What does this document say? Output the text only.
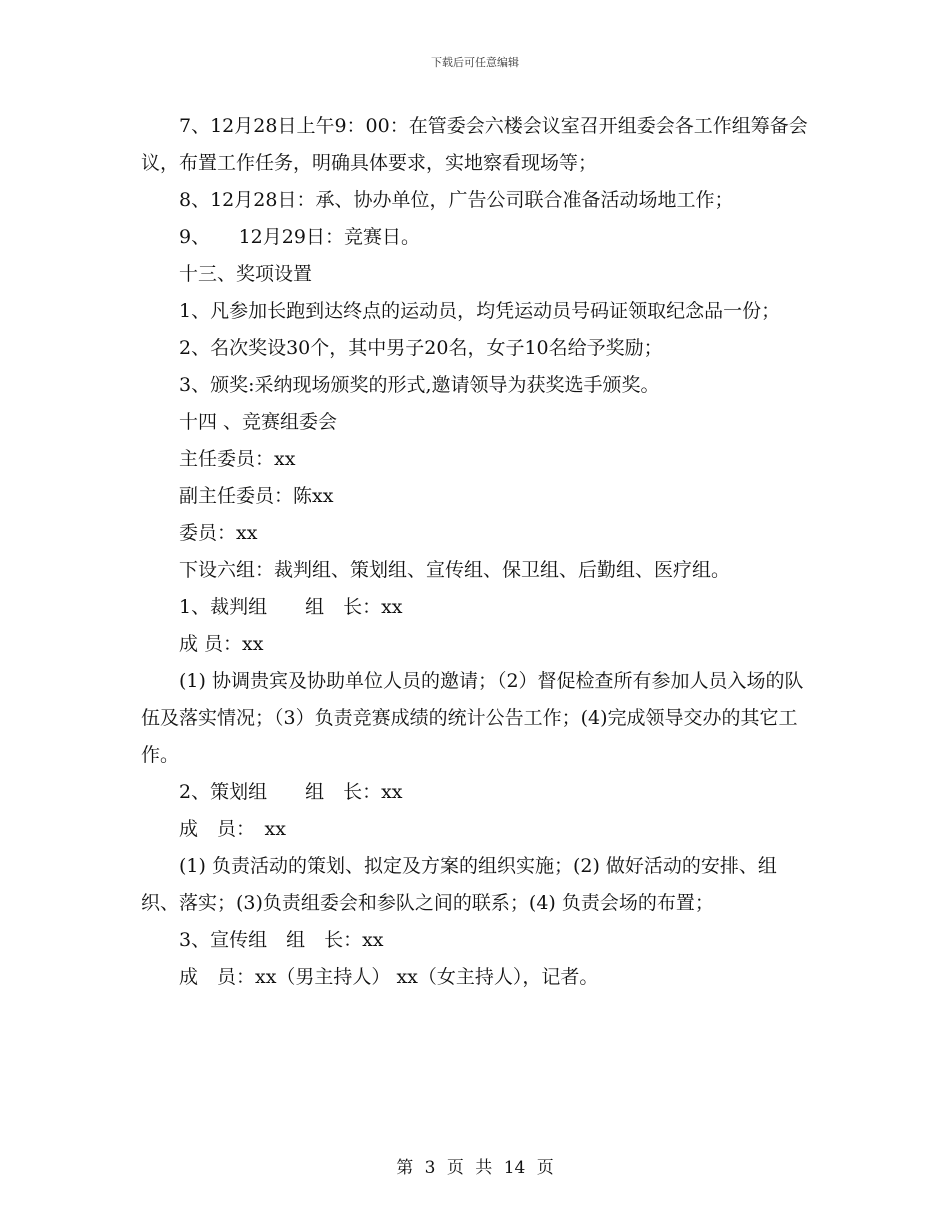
下载后可任意编辑

7、12月28日上午9：00：在管委会六楼会议室召开组委会各工作组筹备会议，布置工作任务，明确具体要求，实地察看现场等；

8、12月28日：承、协办单位，广告公司联合准备活动场地工作；

9、　　12月29日：竞赛日。

十三、奖项设置

1、凡参加长跑到达终点的运动员，均凭运动员号码证领取纪念品一份；

2、名次奖设30个，其中男子20名，女子10名给予奖励；

3、颁奖:采纳现场颁奖的形式,邀请领导为获奖选手颁奖。

十四 、竞赛组委会

主任委员：xx

副主任委员：陈xx

委员：xx

下设六组：裁判组、策划组、宣传组、保卫组、后勤组、医疗组。

1、裁判组　　组　长：xx

成 员：xx

(1) 协调贵宾及协助单位人员的邀请；（2）督促检查所有参加人员入场的队伍及落实情况；（3）负责竞赛成绩的统计公告工作；(4)完成领导交办的其它工作。

2、策划组　　组　长：xx

成　员：　xx

(1) 负责活动的策划、拟定及方案的组织实施；(2) 做好活动的安排、组织、落实；(3)负责组委会和参队之间的联系；(4) 负责会场的布置；

3、宣传组　组　长：xx

成　员：xx（男主持人） xx（女主持人），记者。

第 3 页 共 14 页
